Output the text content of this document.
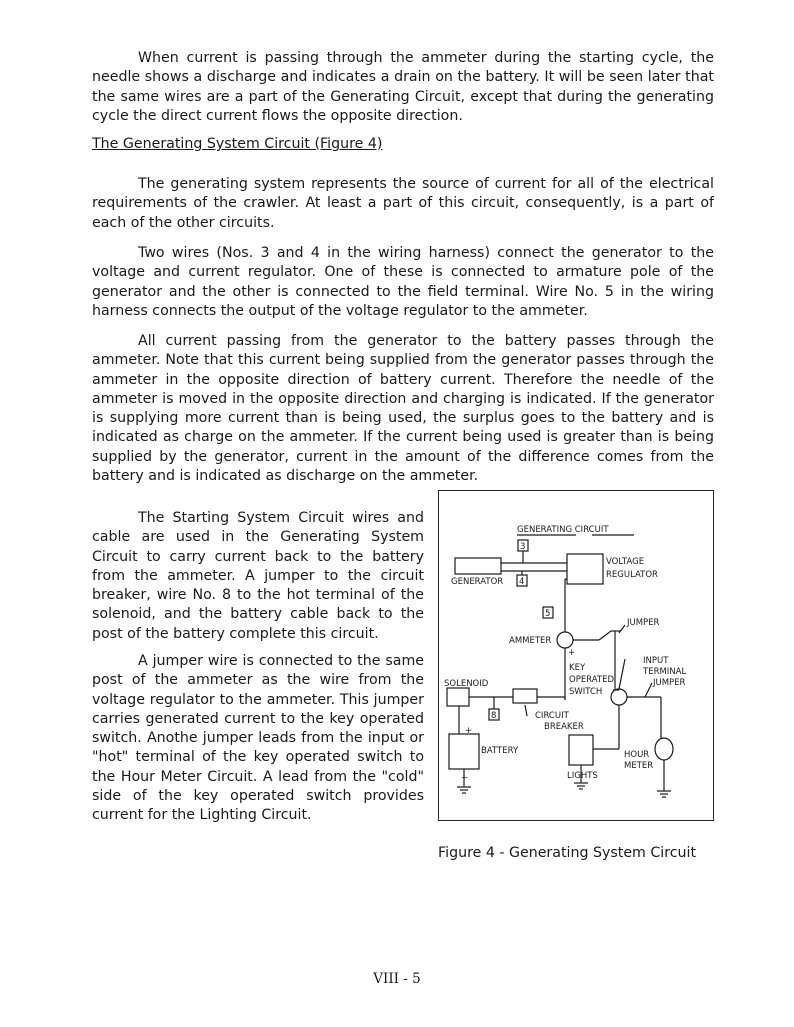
When current is passing through the ammeter during the starting cycle, the needle shows a discharge and indicates a drain on the battery. It will be seen later that the same wires are a part of the Generating Circuit, except that during the generating cycle the direct current flows the opposite direction.

The Generating System Circuit (Figure 4)

The generating system represents the source of current for all of the electrical requirements of the crawler. At least a part of this circuit, consequently, is a part of each of the other circuits.

Two wires (Nos. 3 and 4 in the wiring harness) connect the generator to the voltage and current regulator. One of these is connected to armature pole of the generator and the other is connected to the field terminal. Wire No. 5 in the wiring harness connects the output of the voltage regulator to the ammeter.

All current passing from the generator to the battery passes through the ammeter. Note that this current being supplied from the generator passes through the ammeter in the opposite direction of battery current. Therefore the needle of the ammeter is moved in the opposite direction and charging is indicated. If the generator is supplying more current than is being used, the surplus goes to the battery and is indicated as charge on the ammeter. If the current being used is greater than is being supplied by the generator, current in the amount of the difference comes from the battery and is indicated as discharge on the ammeter.

The Starting System Circuit wires and cable are used in the Generating System Circuit to carry current back to the battery from the ammeter. A jumper to the circuit breaker, wire No. 8 to the hot terminal of the solenoid, and the battery cable back to the post of the battery complete this circuit.

A jumper wire is connected to the same post of the ammeter as the wire from the voltage regulator to the ammeter. This jumper carries generated current to the key operated switch. Anothe jumper leads from the input or "hot" terminal of the key operated switch to the Hour Meter Circuit. A lead from the "cold" side of the key operated switch provides current for the Lighting Circuit.

GENERATING CIRCUIT
3
GENERATOR 4
VOLTAGE
REGULATOR
5
AMMETER
+
JUMPER
KEY
OPERATED
SWITCH
INPUT
TERMINAL
JUMPER
SOLENOID
8	CIRCUIT
BREAKER
+
BATTERY
−	LIGHTS
HOUR
METER

Figure 4 - Generating System Circuit

VIII - 5
